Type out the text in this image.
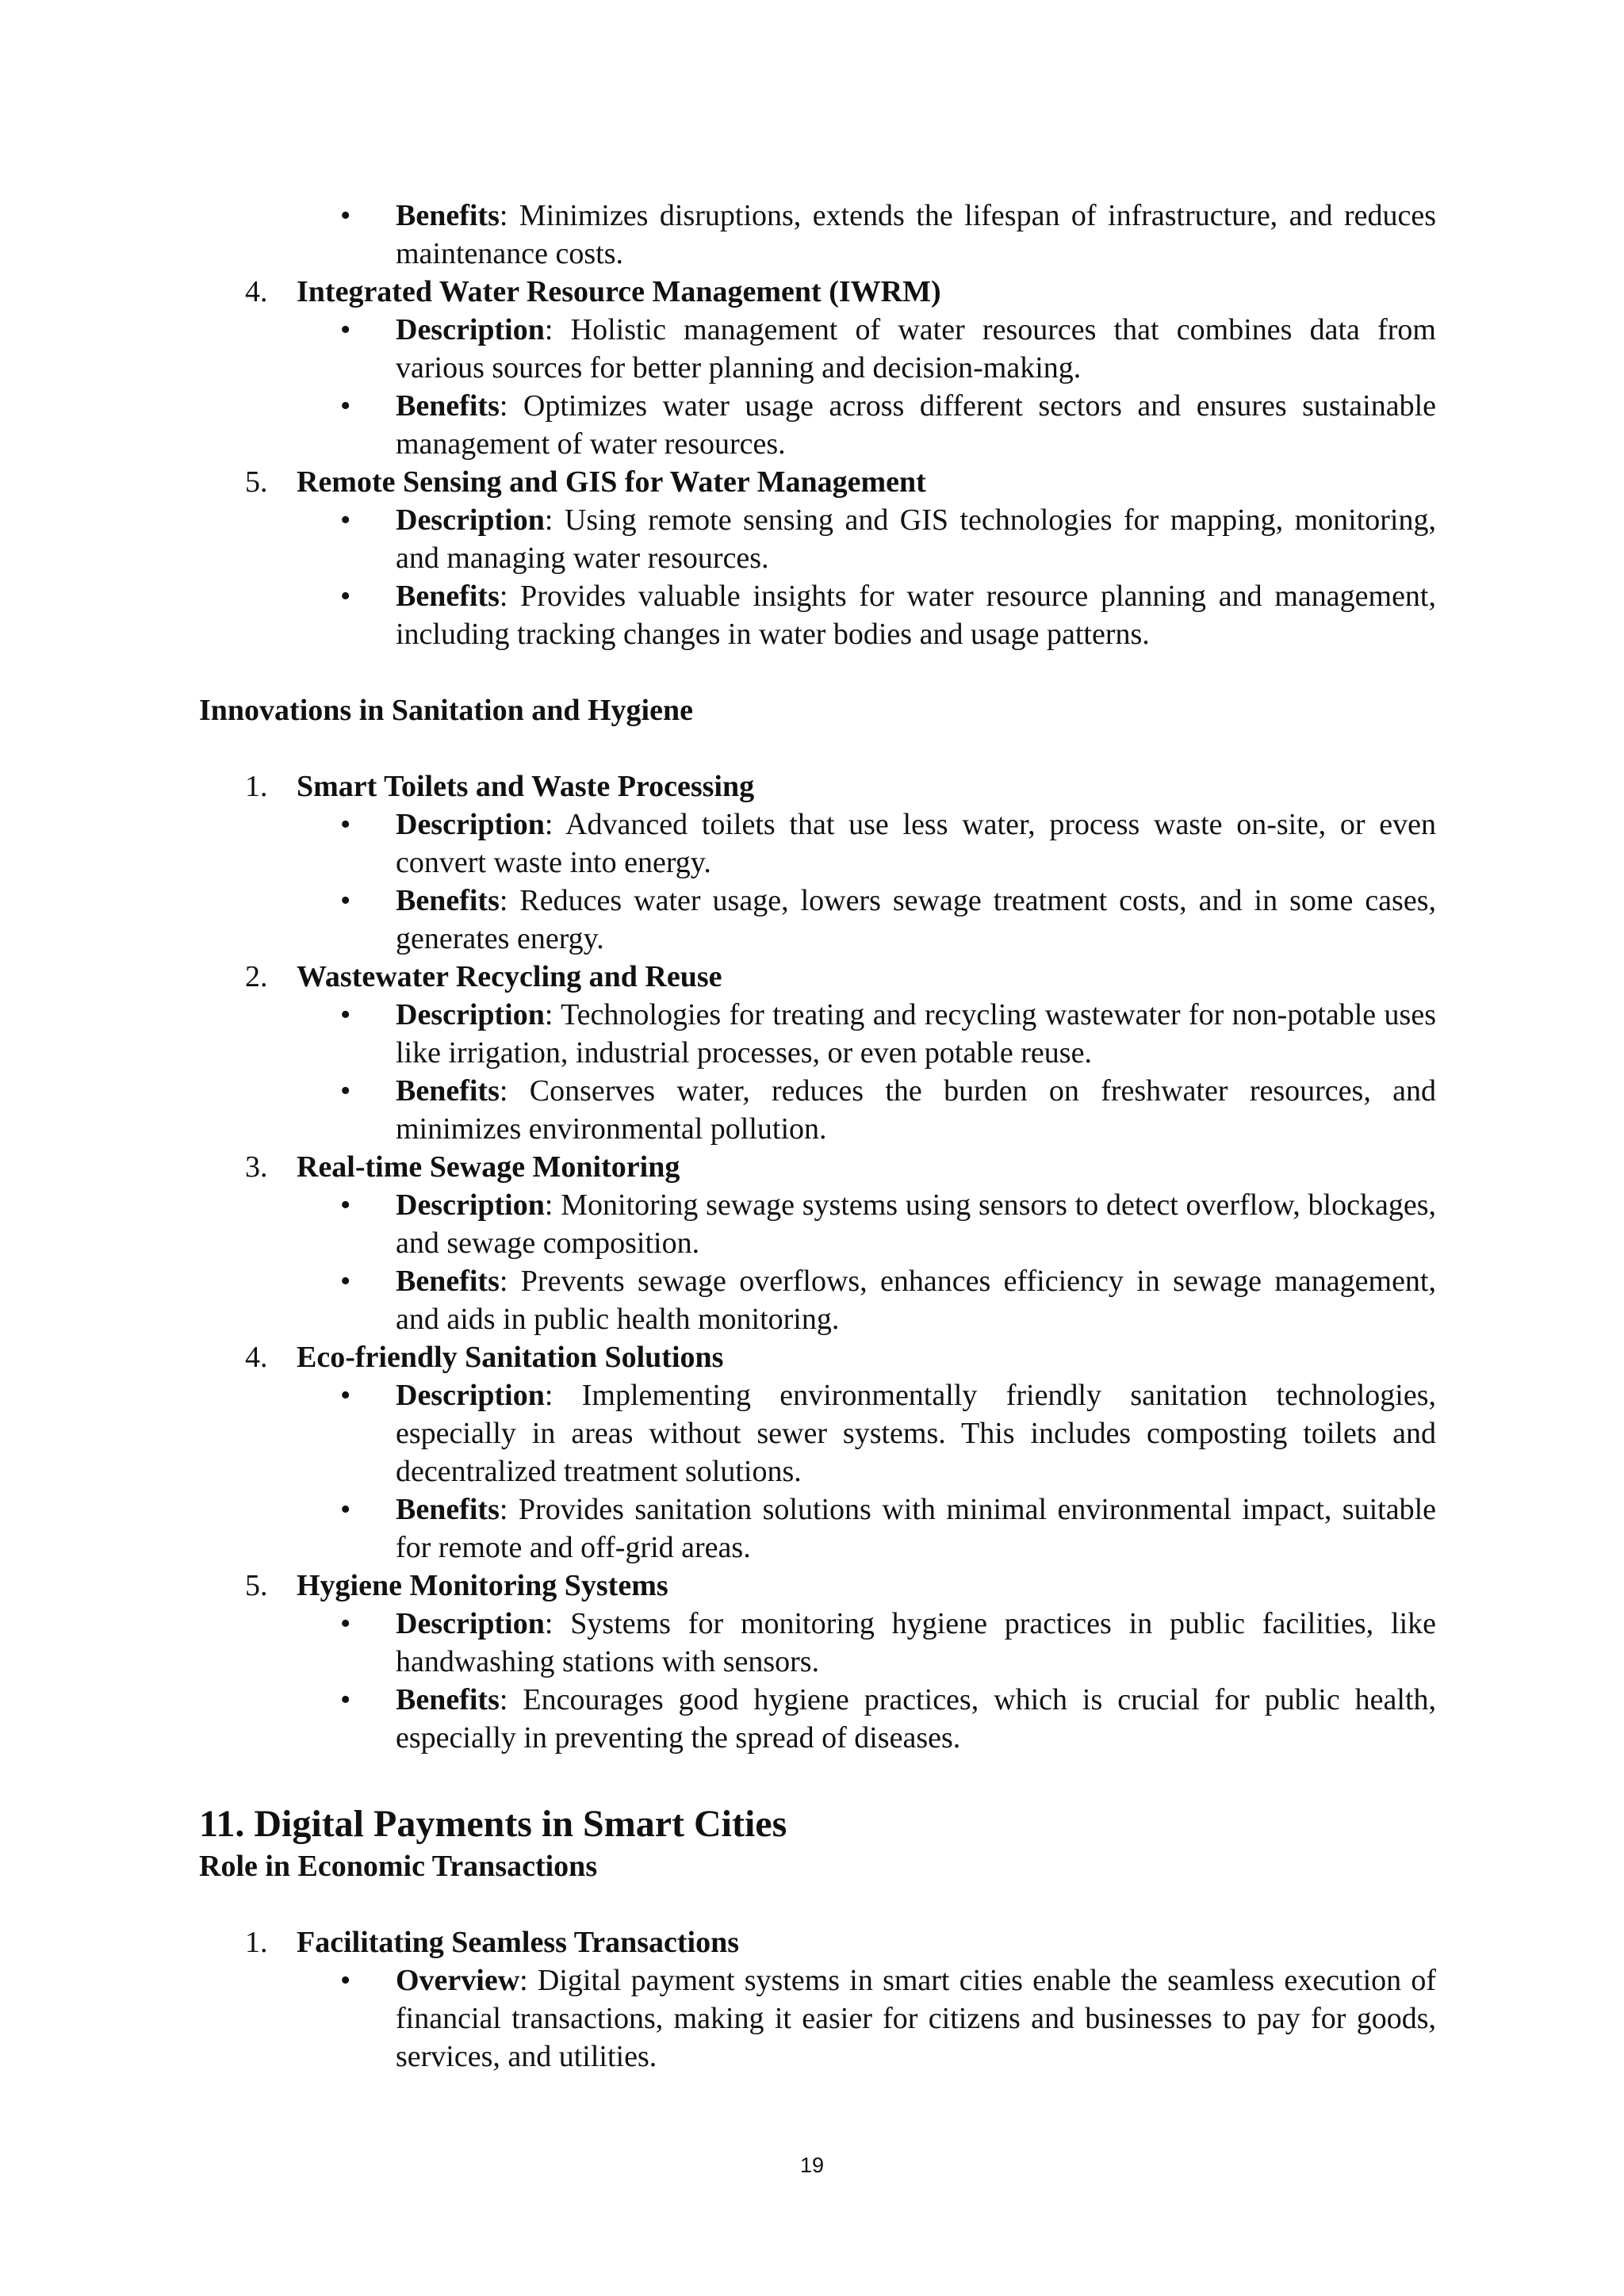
• Benefits: Minimizes disruptions, extends the lifespan of infrastructure, and reduces maintenance costs.
4. Integrated Water Resource Management (IWRM)
• Description: Holistic management of water resources that combines data from various sources for better planning and decision-making.
• Benefits: Optimizes water usage across different sectors and ensures sustainable management of water resources.
5. Remote Sensing and GIS for Water Management
• Description: Using remote sensing and GIS technologies for mapping, monitoring, and managing water resources.
• Benefits: Provides valuable insights for water resource planning and management, including tracking changes in water bodies and usage patterns.
Innovations in Sanitation and Hygiene
1. Smart Toilets and Waste Processing
• Description: Advanced toilets that use less water, process waste on-site, or even convert waste into energy.
• Benefits: Reduces water usage, lowers sewage treatment costs, and in some cases, generates energy.
2. Wastewater Recycling and Reuse
• Description: Technologies for treating and recycling wastewater for non-potable uses like irrigation, industrial processes, or even potable reuse.
• Benefits: Conserves water, reduces the burden on freshwater resources, and minimizes environmental pollution.
3. Real-time Sewage Monitoring
• Description: Monitoring sewage systems using sensors to detect overflow, blockages, and sewage composition.
• Benefits: Prevents sewage overflows, enhances efficiency in sewage management, and aids in public health monitoring.
4. Eco-friendly Sanitation Solutions
• Description: Implementing environmentally friendly sanitation technologies, especially in areas without sewer systems. This includes composting toilets and decentralized treatment solutions.
• Benefits: Provides sanitation solutions with minimal environmental impact, suitable for remote and off-grid areas.
5. Hygiene Monitoring Systems
• Description: Systems for monitoring hygiene practices in public facilities, like handwashing stations with sensors.
• Benefits: Encourages good hygiene practices, which is crucial for public health, especially in preventing the spread of diseases.
11. Digital Payments in Smart Cities
Role in Economic Transactions
1. Facilitating Seamless Transactions
• Overview: Digital payment systems in smart cities enable the seamless execution of financial transactions, making it easier for citizens and businesses to pay for goods, services, and utilities.
19
